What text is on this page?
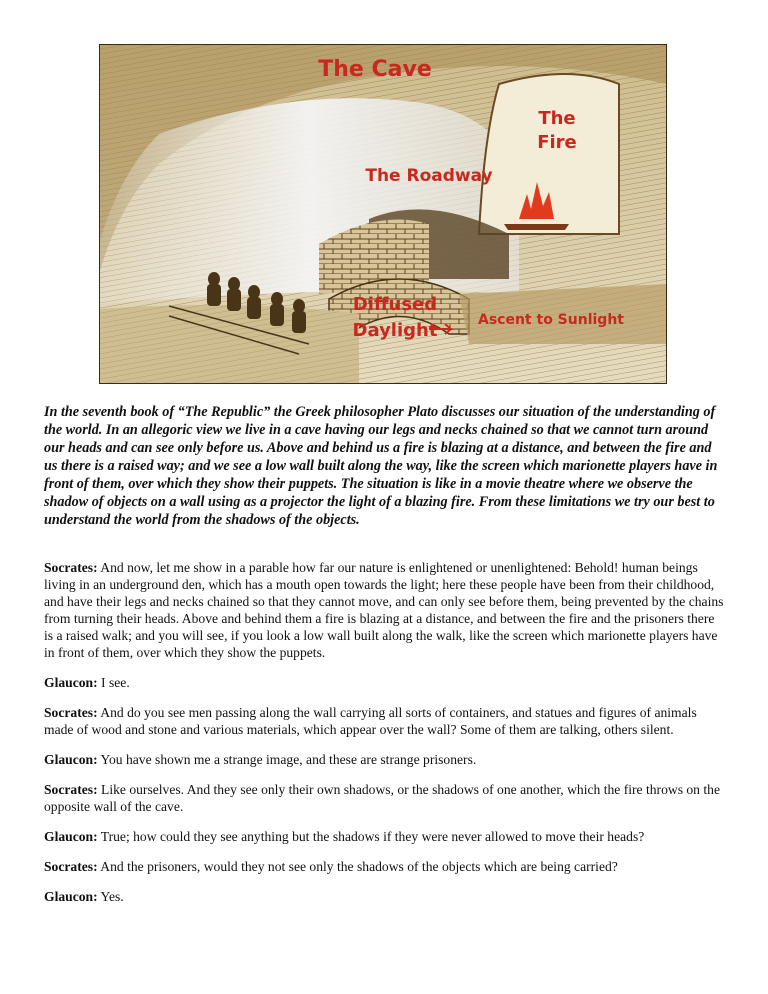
The Cave
The
Fire
The Roadway
Diffused
Daylight	Ascent to Sunlight

In the seventh book of “The Republic” the Greek philosopher Plato discusses our situation of the understanding of the world. In an allegoric view we live in a cave having our legs and necks chained so that we cannot turn around our heads and can see only before us. Above and behind us a fire is blazing at a distance, and between the fire and us there is a raised way; and we see a low wall built along the way, like the screen which marionette players have in front of them, over which they show their puppets. The situation is like in a movie theatre where we observe the shadow of objects on a wall using as a projector the light of a blazing fire. From these limitations we try our best to understand the world from the shadows of the objects.

Socrates: And now, let me show in a parable how far our nature is enlightened or unenlightened: Behold! human beings living in an underground den, which has a mouth open towards the light; here these people have been from their childhood, and have their legs and necks chained so that they cannot move, and can only see before them, being prevented by the chains from turning their heads. Above and behind them a fire is blazing at a distance, and between the fire and the prisoners there is a raised walk; and you will see, if you look a low wall built along the walk, like the screen which marionette players have in front of them, over which they show the puppets.

Glaucon: I see.

Socrates: And do you see men passing along the wall carrying all sorts of containers, and statues and figures of animals made of wood and stone and various materials, which appear over the wall? Some of them are talking, others silent.

Glaucon: You have shown me a strange image, and these are strange prisoners.

Socrates: Like ourselves. And they see only their own shadows, or the shadows of one another, which the fire throws on the opposite wall of the cave.

Glaucon: True; how could they see anything but the shadows if they were never allowed to move their heads?

Socrates: And the prisoners, would they not see only the shadows of the objects which are being carried?

Glaucon: Yes.
